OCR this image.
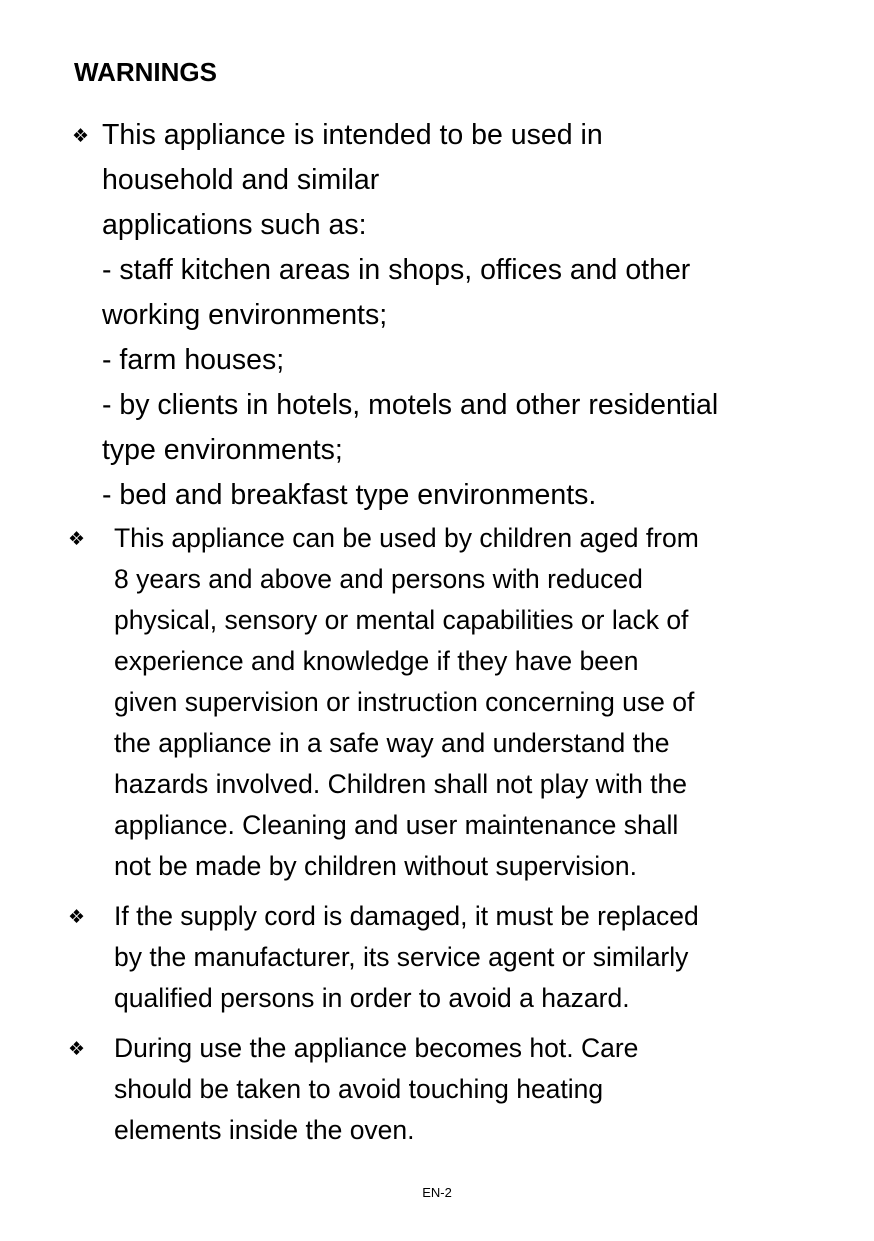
WARNINGS
❖ This appliance is intended to be used in

household and similar

applications such as:

- staff kitchen areas in shops, offices and other

working environments;

- farm houses;

- by clients in hotels, motels and other residential

type environments;

- bed and breakfast type environments.

❖ This appliance can be used by children aged from

8 years and above and persons with reduced

physical, sensory or mental capabilities or lack of

experience and knowledge if they have been

given supervision or instruction concerning use of

the appliance in a safe way and understand the

hazards involved. Children shall not play with the

appliance. Cleaning and user maintenance shall

not be made by children without supervision.

❖ If the supply cord is damaged, it must be replaced

by the manufacturer, its service agent or similarly

qualified persons in order to avoid a hazard.

❖ During use the appliance becomes hot. Care

should be taken to avoid touching heating

elements inside the oven.

EN-2
